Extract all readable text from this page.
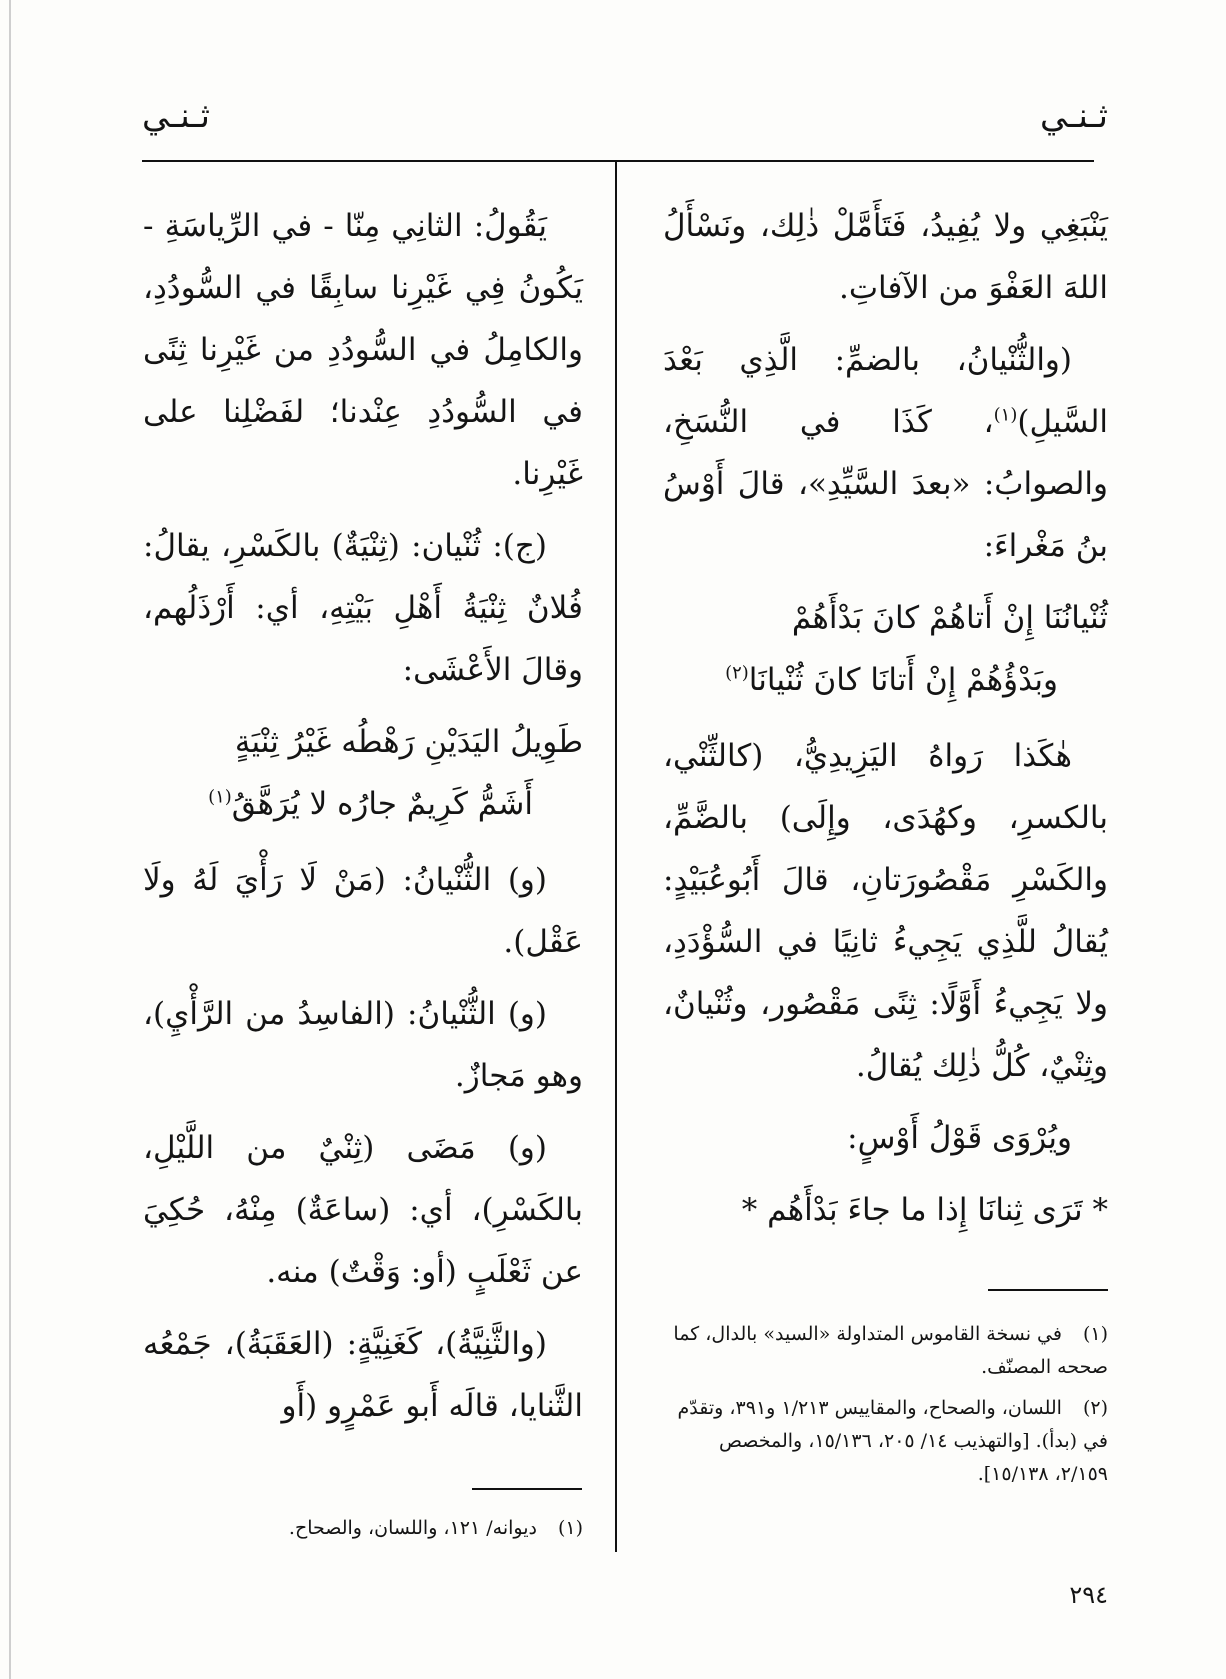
ثـنـي
ثـنـي

يَنْبَغِي ولا يُفِيدُ، فَتَأَمَّلْ ذٰلِك، ونَسْأَلُ اللهَ العَفْوَ من الآفاتِ.

(والثُّنْيانُ، بالضمِّ: الَّذِي بَعْدَ السَّيلِ)$^{(١)}$، كَذَا في النُّسَخِ، والصوابُ: «بعدَ السَّيِّدِ»، قالَ أَوْسُ بنُ مَغْراءَ:

ثُنْيانُنَا إِنْ أَتاهُمْ كانَ بَدْأَهُمْ
وبَدْؤُهُمْ إِنْ أَتانَا كانَ ثُنْيانَا$^{(٢)}$

هٰكَذا رَواهُ اليَزِيدِيُّ، (كالثِّنْي، بالكسرِ، وكهُدَى، وإِلَى) بالضَّمِّ، والكَسْرِ مَقْصُورَتانِ، قالَ أَبُوعُبَيْدٍ: يُقالُ للَّذِي يَجِيءُ ثانِيًا في السُّؤْدَدِ، ولا يَجِيءُ أَوَّلًا: ثِنًى مَقْصُور، وثُنْيانٌ، وثِنْيٌ، كُلُّ ذٰلِك يُقالُ.

ويُرْوَى قَوْلُ أَوْسٍ:

* تَرَى ثِنانَا إِذا ما جاءَ بَدْأَهُم *

يَقُولُ: الثانِي مِنّا - في الرِّياسَةِ - يَكُونُ فِي غَيْرِنا سابِقًا في السُّودُدِ، والكامِلُ في السُّودُدِ من غَيْرِنا ثِنًى في السُّودُدِ عِنْدنا؛ لفَضْلِنا على غَيْرِنا.

(ج): ثُنْيان: (ثِنْيَةٌ) بالكَسْرِ، يقالُ: فُلانٌ ثِنْيَةُ أَهْلِ بَيْتِهِ، أي: أَرْذَلُهم، وقالَ الأَعْشَى:

طَوِيلُ اليَدَيْنِ رَهْطُه غَيْرُ ثِنْيَةٍ
أَشَمُّ كَرِيمٌ جارُه لا يُرَهَّقُ$^{(١)}$

(و) الثُّنْيانُ: (مَنْ لَا رَأْيَ لَهُ ولَا عَقْل).

(و) الثُّنْيانُ: (الفاسِدُ من الرَّأْيِ)، وهو مَجازٌ.

(و) مَضَى (ثِنْيٌ من اللَّيْلِ، بالكَسْرِ)، أي: (ساعَةٌ) مِنْهُ، حُكِيَ عن ثَعْلَبٍ (أو: وَقْتٌ) منه.

(والثَّنِيَّةُ)، كَغَنِيَّةٍ: (العَقَبَةُ)، جَمْعُه الثَّنايا، قالَه أَبو عَمْرٍو (أَو

(١) في نسخة القاموس المتداولة «السيد» بالدال، كما صححه المصنّف.
(٢) اللسان، والصحاح، والمقاييس ١/٢١٣ و٣٩١، وتقدّم في (بدأ). [والتهذيب ١٤/ ٢٠٥، ١٥/١٣٦، والمخصص ٢/١٥٩، ١٥/١٣٨].
(١) ديوانه/ ١٢١، واللسان، والصحاح.
٢٩٤
